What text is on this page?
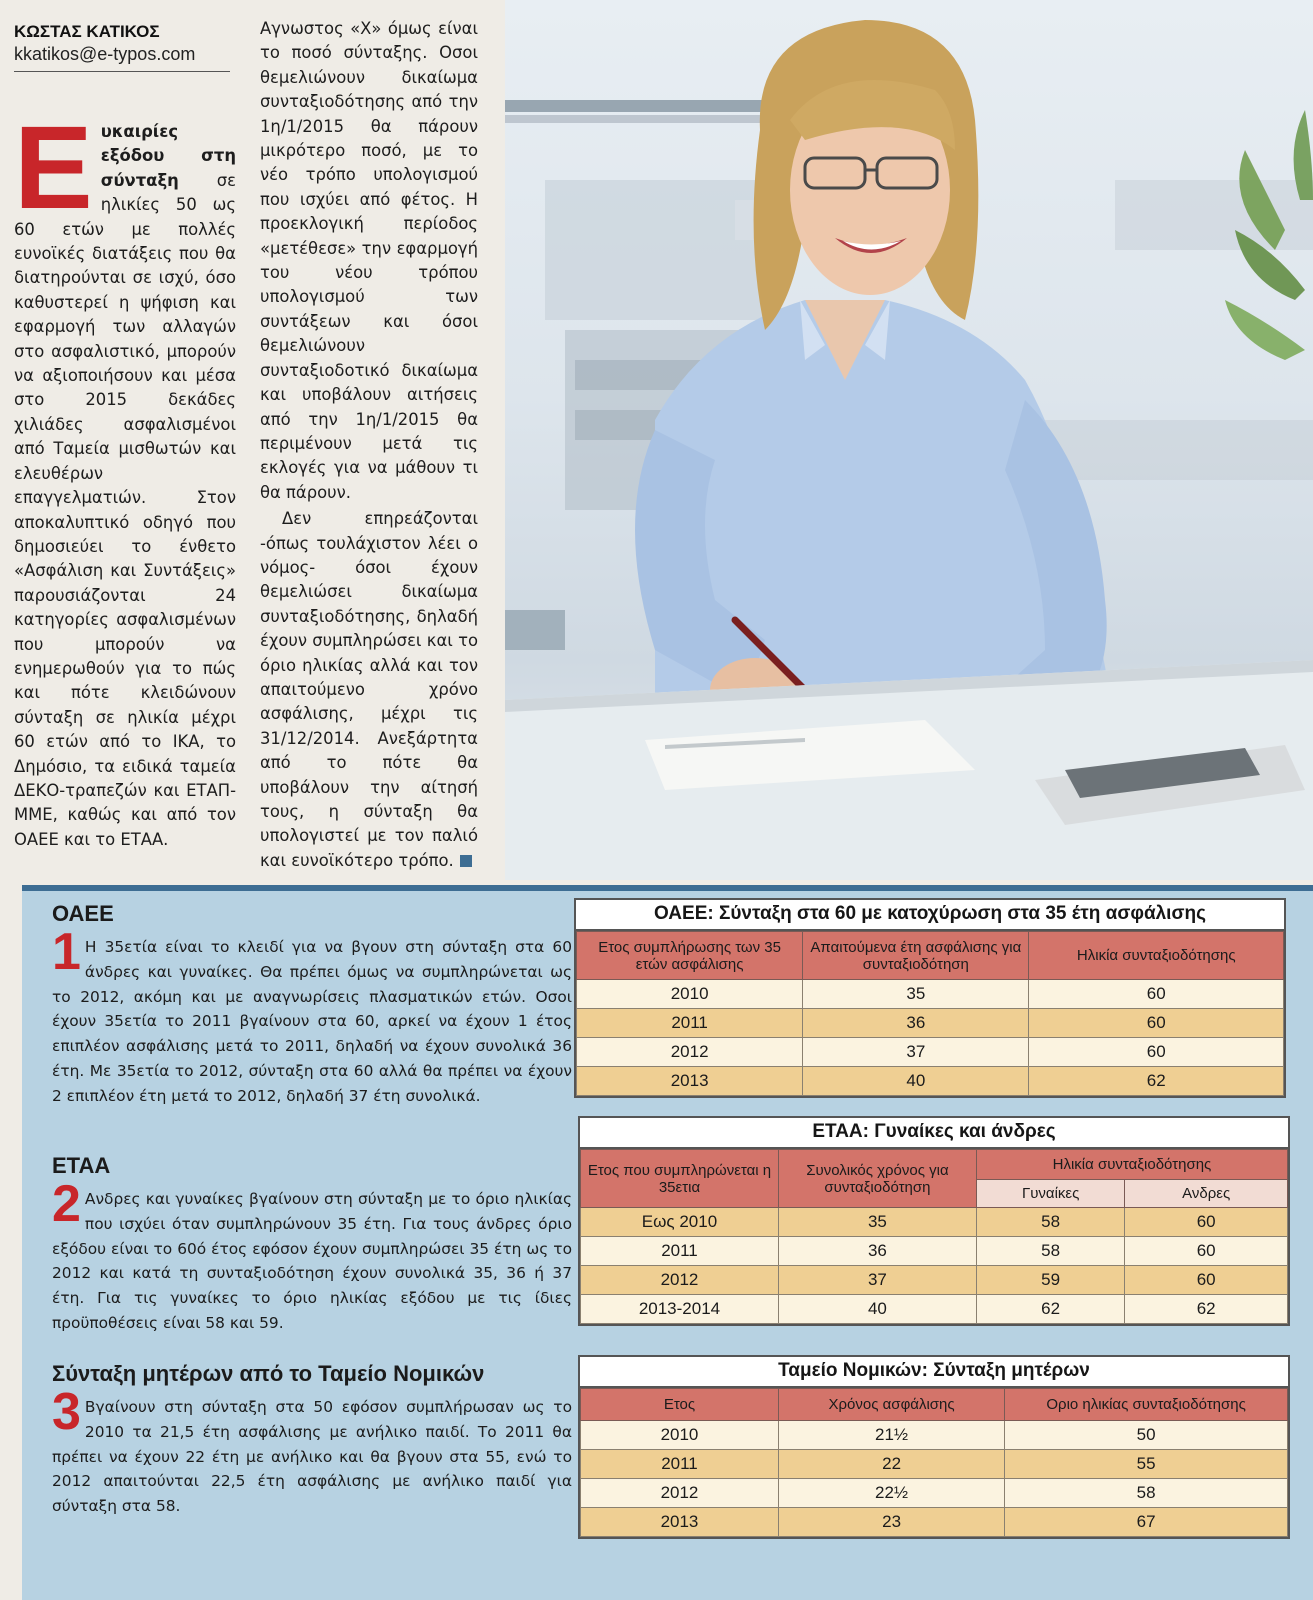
ΚΩΣΤΑΣ ΚΑΤΙΚΟΣ
kkatikos@e-typos.com

Ευκαιρίες εξόδου στη σύνταξη σε ηλικίες 50 ως 60 ετών με πολλές ευνοϊκές διατάξεις που θα διατηρούνται σε ισχύ, όσο καθυστερεί η ψήφιση και εφαρμογή των αλλαγών στο ασφαλιστικό, μπορούν να αξιοποιήσουν και μέσα στο 2015 δεκάδες χιλιάδες ασφαλισμένοι από Ταμεία μισθωτών και ελευθέρων επαγγελματιών. Στον αποκαλυπτικό οδηγό που δημοσιεύει το ένθετο «Ασφάλιση και Συντάξεις» παρουσιάζονται 24 κατηγορίες ασφαλισμένων που μπορούν να ενημερωθούν για το πώς και πότε κλειδώνουν σύνταξη σε ηλικία μέχρι 60 ετών από το ΙΚΑ, το Δημόσιο, τα ειδικά ταμεία ΔΕΚΟ-τραπεζών και ΕΤΑΠ-ΜΜΕ, καθώς και από τον ΟΑΕΕ και το ΕΤΑΑ.

Αγνωστος «Χ» όμως είναι το ποσό σύνταξης. Οσοι θεμελιώνουν δικαίωμα συνταξιοδότησης από την 1η/1/2015 θα πάρουν μικρότερο ποσό, με το νέο τρόπο υπολογισμού που ισχύει από φέτος. Η προεκλογική περίοδος «μετέθεσε» την εφαρμογή του νέου τρόπου υπολογισμού των συντάξεων και όσοι θεμελιώνουν συνταξιοδοτικό δικαίωμα και υποβάλουν αιτήσεις από την 1η/1/2015 θα περιμένουν μετά τις εκλογές για να μάθουν τι θα πάρουν.

Δεν επηρεάζονται -όπως τουλάχιστον λέει ο νόμος- όσοι έχουν θεμελιώσει δικαίωμα συνταξιοδότησης, δηλαδή έχουν συμπληρώσει και το όριο ηλικίας αλλά και τον απαιτούμενο χρόνο ασφάλισης, μέχρι τις 31/12/2014. Ανεξάρτητα από το πότε θα υποβάλουν την αίτησή τους, η σύνταξη θα υπολογιστεί με τον παλιό και ευνοϊκότερο τρόπο.

ΟΑΕΕ
1 Η 35ετία είναι το κλειδί για να βγουν στη σύνταξη στα 60 άνδρες και γυναίκες. Θα πρέπει όμως να συμπληρώνεται ως το 2012, ακόμη και με αναγνωρίσεις πλασματικών ετών. Οσοι έχουν 35ετία το 2011 βγαίνουν στα 60, αρκεί να έχουν 1 έτος επιπλέον ασφάλισης μετά το 2011, δηλαδή να έχουν συνολικά 36 έτη. Με 35ετία το 2012, σύνταξη στα 60 αλλά θα πρέπει να έχουν 2 επιπλέον έτη μετά το 2012, δηλαδή 37 έτη συνολικά.
ΕΤΑΑ
2 Ανδρες και γυναίκες βγαίνουν στη σύνταξη με το όριο ηλικίας που ισχύει όταν συμπληρώνουν 35 έτη. Για τους άνδρες όριο εξόδου είναι το 60ό έτος εφόσον έχουν συμπληρώσει 35 έτη ως το 2012 και κατά τη συνταξιοδότηση έχουν συνολικά 35, 36 ή 37 έτη. Για τις γυναίκες το όριο ηλικίας εξόδου με τις ίδιες προϋποθέσεις είναι 58 και 59.
Σύνταξη μητέρων από το Ταμείο Νομικών
3 Βγαίνουν στη σύνταξη στα 50 εφόσον συμπλήρωσαν ως το 2010 τα 21,5 έτη ασφάλισης με ανήλικο παιδί. Το 2011 θα πρέπει να έχουν 22 έτη με ανήλικο και θα βγουν στα 55, ενώ το 2012 απαιτούνται 22,5 έτη ασφάλισης με ανήλικο παιδί για σύνταξη στα 58.
ΟΑΕΕ: Σύνταξη στα 60 με κατοχύρωση στα 35 έτη ασφάλισης
Ετος συμπλήρωσης των 35 ετών ασφάλισης	Απαιτούμενα έτη ασφάλισης για συνταξιοδότηση	Ηλικία συνταξιοδότησης
2010	35	60
2011	36	60
2012	37	60
2013	40	62
ΕΤΑΑ: Γυναίκες και άνδρες
Ετος που συμπληρώνεται η 35ετια	Συνολικός χρόνος για συνταξιοδότηση	Ηλικία συνταξιοδότησης	
		Γυναίκες	Ανδρες
Εως 2010	35	58	60
2011	36	58	60
2012	37	59	60
2013-2014	40	62	62
Ταμείο Νομικών: Σύνταξη μητέρων
Ετος	Χρόνος ασφάλισης	Οριο ηλικίας συνταξιοδότησης
2010	21½	50
2011	22	55
2012	22½	58
2013	23	67
